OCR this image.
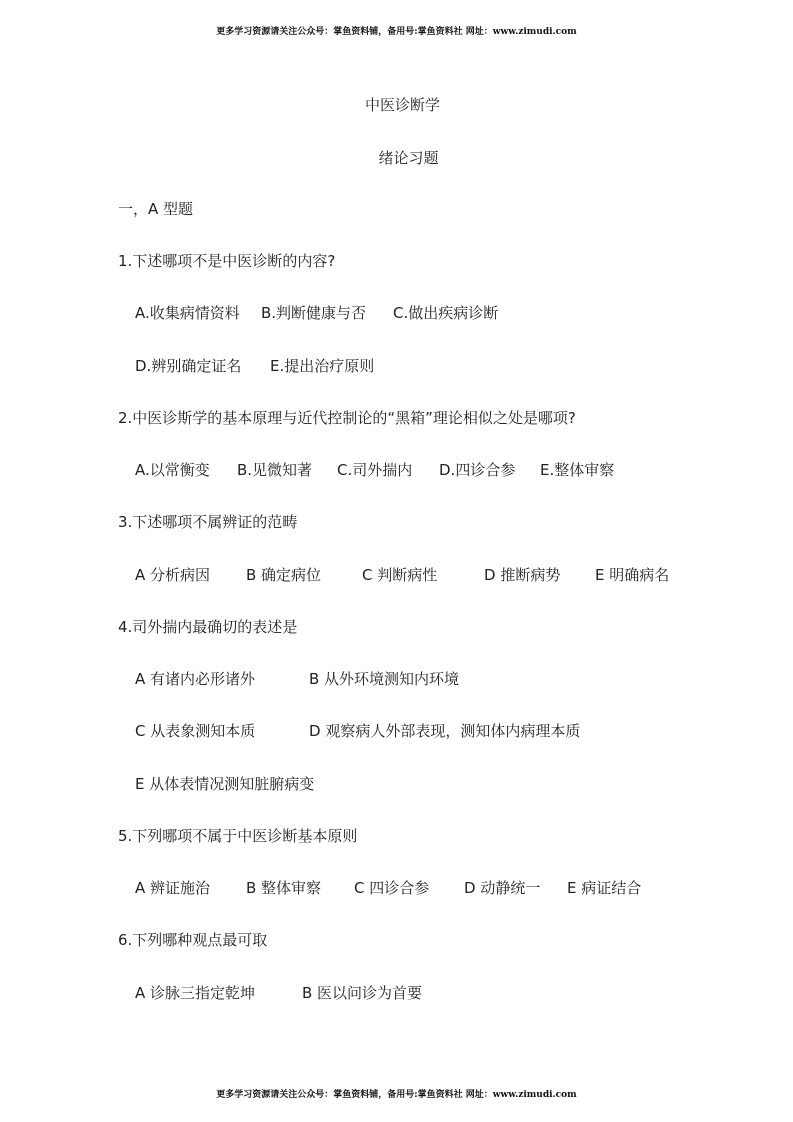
更多学习资源请关注公众号：掌鱼资料铺，备用号:掌鱼资料社 网址：www.zimudi.com
中医诊断学
绪论习题
一，A 型题
1.下述哪项不是中医诊断的内容?
A.收集病情资料	B.判断健康与否	C.做出疾病诊断
D.辨别确定证名	E.提出治疗原则
2.中医诊斯学的基本原理与近代控制论的“黑箱”理论相似之处是哪项?
A.以常衡变	B.见微知著	C.司外揣内	D.四诊合参	E.整体审察
3.下述哪项不属辨证的范畴
A 分析病因	B 确定病位	C 判断病性	D 推断病势	E 明确病名
4.司外揣内最确切的表述是
A 有诸内必形诸外	B 从外环境测知内环境
C 从表象测知本质	D 观察病人外部表现，测知体内病理本质
E 从体表情况测知脏腑病变
5.下列哪项不属于中医诊断基本原则
A 辨证施治	B 整体审察	C 四诊合参	D 动静统一	E 病证结合
6.下列哪种观点最可取
A 诊脉三指定乾坤	B 医以问诊为首要
更多学习资源请关注公众号：掌鱼资料铺，备用号:掌鱼资料社 网址：www.zimudi.com
